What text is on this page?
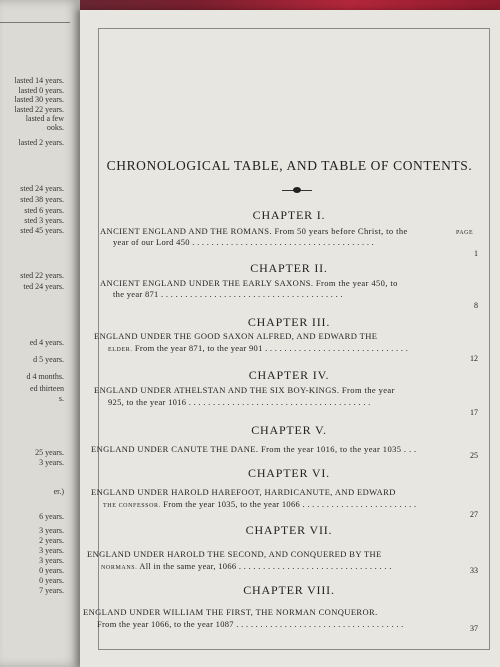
lasted 14 years.
lasted 0 years.
lasted 30 years.
lasted 22 years.
lasted a few
ooks.
lasted 2 years.
sted 24 years.
sted 38 years.
sted 6 years.
sted 3 years.
sted 45 years.
sted 22 years.
ted 24 years.
ed 4 years.
d 5 years.
d 4 months.
ed thirteen
s.
25 years.
3 years.
er.)
6 years.
3 years.
2 years.
3 years.
3 years.
0 years.
0 years.
7 years.
CHRONOLOGICAL TABLE, AND TABLE OF CONTENTS.
PAGE
CHAPTER I.
ANCIENT ENGLAND AND THE ROMANS. From 50 years before Christ, to the
year of our Lord 450 . . . . . . . . . . . . . . . . . . . . . . . . . . . . . . . . . . . . . .
1
CHAPTER II.
ANCIENT ENGLAND UNDER THE EARLY SAXONS. From the year 450, to
the year 871 . . . . . . . . . . . . . . . . . . . . . . . . . . . . . . . . . . . . . .
8
CHAPTER III.
ENGLAND UNDER THE GOOD SAXON ALFRED, AND EDWARD THE
ELDER. From the year 871, to the year 901 . . . . . . . . . . . . . . . . . . . . . . . . . . . . . .
12
CHAPTER IV.
ENGLAND UNDER ATHELSTAN AND THE SIX BOY-KINGS. From the year
925, to the year 1016 . . . . . . . . . . . . . . . . . . . . . . . . . . . . . . . . . . . . . .
17
CHAPTER V.
ENGLAND UNDER CANUTE THE DANE. From the year 1016, to the year 1035 . . .
25
CHAPTER VI.
ENGLAND UNDER HAROLD HAREFOOT, HARDICANUTE, AND EDWARD
THE CONFESSOR. From the year 1035, to the year 1066 . . . . . . . . . . . . . . . . . . . . . . . .
27
CHAPTER VII.
ENGLAND UNDER HAROLD THE SECOND, AND CONQUERED BY THE
NORMANS. All in the same year, 1066 . . . . . . . . . . . . . . . . . . . . . . . . . . . . . . . .	33
CHAPTER VIII.
ENGLAND UNDER WILLIAM THE FIRST, THE NORMAN CONQUEROR.
From the year 1066, to the year 1087 . . . . . . . . . . . . . . . . . . . . . . . . . . . . . . . . . . .	37
